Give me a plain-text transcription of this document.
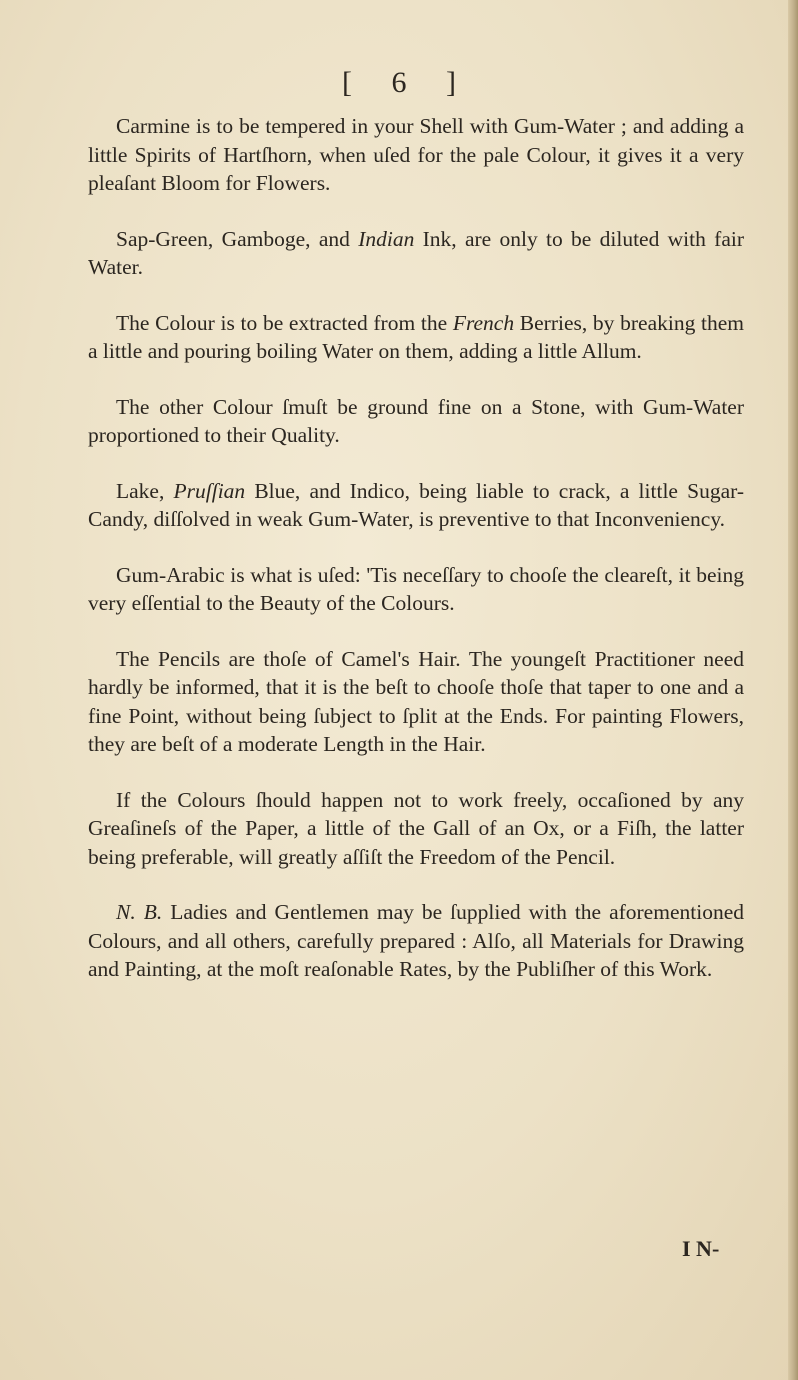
[ 6 ]

Carmine is to be tempered in your Shell with Gum-Water ; and adding a little Spirits of Hartſhorn, when uſed for the pale Colour, it gives it a very pleaſant Bloom for Flowers.

Sap-Green, Gamboge, and Indian Ink, are only to be diluted with fair Water.

The Colour is to be extracted from the French Berries, by breaking them a little and pouring boiling Water on them, adding a little Allum.

The other Colour ſmuſt be ground fine on a Stone, with Gum-Water proportioned to their Quality.

Lake, Pruſſian Blue, and Indico, being liable to crack, a little Sugar-Candy, diſſolved in weak Gum-Water, is preventive to that Inconveniency.

Gum-Arabic is what is uſed: 'Tis neceſſary to chooſe the cleareſt, it being very eſſential to the Beauty of the Colours.

The Pencils are thoſe of Camel's Hair. The youngeſt Practitioner need hardly be informed, that it is the beſt to chooſe thoſe that taper to one and a fine Point, without being ſubject to ſplit at the Ends. For painting Flowers, they are beſt of a moderate Length in the Hair.

If the Colours ſhould happen not to work freely, occaſioned by any Greaſineſs of the Paper, a little of the Gall of an Ox, or a Fiſh, the latter being preferable, will greatly aſſiſt the Freedom of the Pencil.

N. B. Ladies and Gentlemen may be ſupplied with the aforementioned Colours, and all others, carefully prepared : Alſo, all Materials for Drawing and Painting, at the moſt reaſonable Rates, by the Publiſher of this Work.

I N-
